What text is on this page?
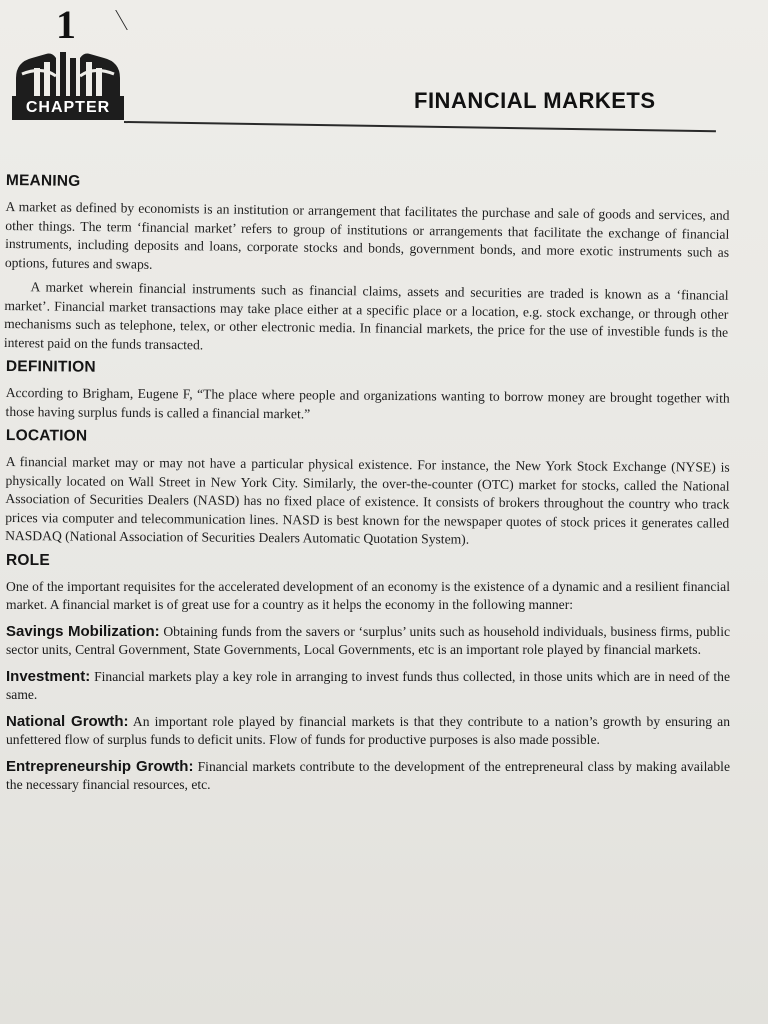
1
CHAPTER	FINANCIAL MARKETS
MEANING

A market as defined by economists is an institution or arrangement that facilitates the purchase and sale of goods and services, and other things. The term ‘financial market’ refers to group of institutions or arrangements that facilitate the exchange of financial instruments, including deposits and loans, corporate stocks and bonds, government bonds, and more exotic instruments such as options, futures and swaps.

A market wherein financial instruments such as financial claims, assets and securities are traded is known as a ‘financial market’. Financial market transactions may take place either at a specific place or a location, e.g. stock exchange, or through other mechanisms such as telephone, telex, or other electronic media. In financial markets, the price for the use of investible funds is the interest paid on the funds transacted.

DEFINITION

According to Brigham, Eugene F, “The place where people and organizations wanting to borrow money are brought together with those having surplus funds is called a financial market.”

LOCATION

A financial market may or may not have a particular physical existence. For instance, the New York Stock Exchange (NYSE) is physically located on Wall Street in New York City. Similarly, the over-the-counter (OTC) market for stocks, called the National Association of Securities Dealers (NASD) has no fixed place of existence. It consists of brokers throughout the country who track prices via computer and telecommunication lines. NASD is best known for the newspaper quotes of stock prices it generates called NASDAQ (National Association of Securities Dealers Automatic Quotation System).

ROLE

One of the important requisites for the accelerated development of an economy is the existence of a dynamic and a resilient financial market. A financial market is of great use for a country as it helps the economy in the following manner:

Savings Mobilization: Obtaining funds from the savers or ‘surplus’ units such as household individuals, business firms, public sector units, Central Government, State Governments, Local Governments, etc is an important role played by financial markets.

Investment: Financial markets play a key role in arranging to invest funds thus collected, in those units which are in need of the same.

National Growth: An important role played by financial markets is that they contribute to a nation’s growth by ensuring an unfettered flow of surplus funds to deficit units. Flow of funds for productive purposes is also made possible.

Entrepreneurship Growth: Financial markets contribute to the development of the entrepreneural class by making available the necessary financial resources, etc.
